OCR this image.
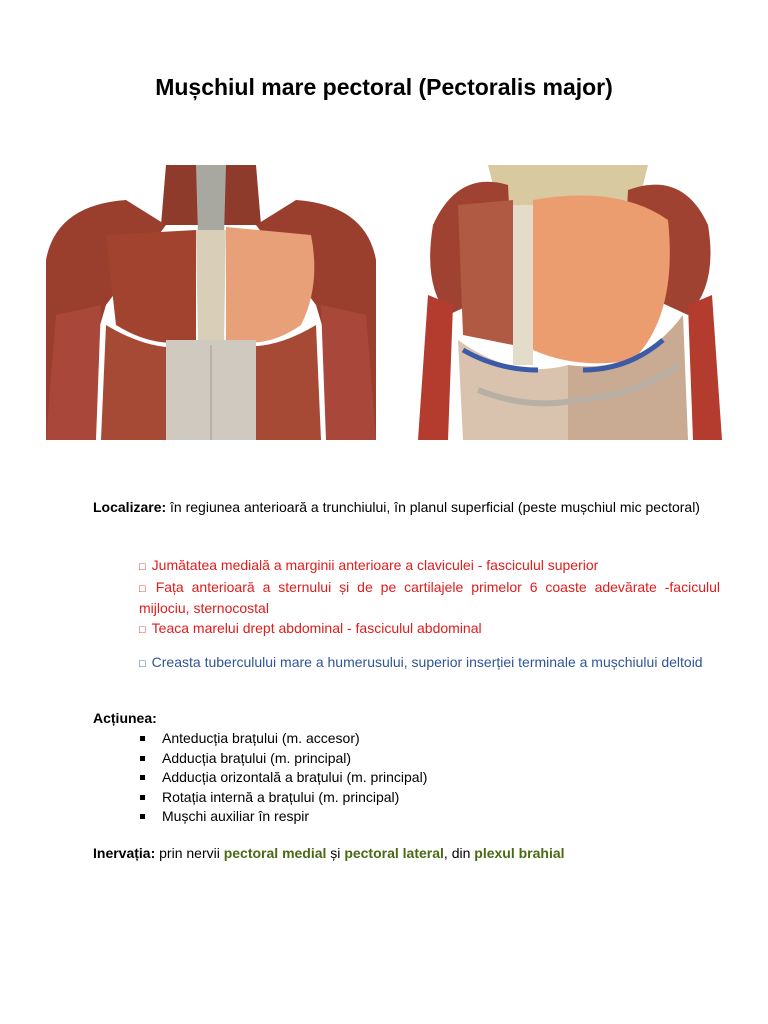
Mușchiul mare pectoral (Pectoralis major)
Localizare: în regiunea anterioară a trunchiului, în planul superficial (peste mușchiul mic pectoral)
□ Jumătatea medială a marginii anterioare a claviculei - fasciculul superior
□ Fața anterioară a sternului și de pe cartilajele primelor 6 coaste adevărate -faciculul mijlociu, sternocostal
□ Teaca marelui drept abdominal - fasciculul abdominal
□ Creasta tuberculului mare a humerusului, superior inserției terminale a mușchiului deltoid
Acțiunea:
Anteducția brațului (m. accesor)
Adducția brațului (m. principal)
Adducția orizontală a brațului (m. principal)
Rotația internă a brațului (m. principal)
Mușchi auxiliar în respir
Inervația: prin nervii pectoral medial și pectoral lateral, din plexul brahial
